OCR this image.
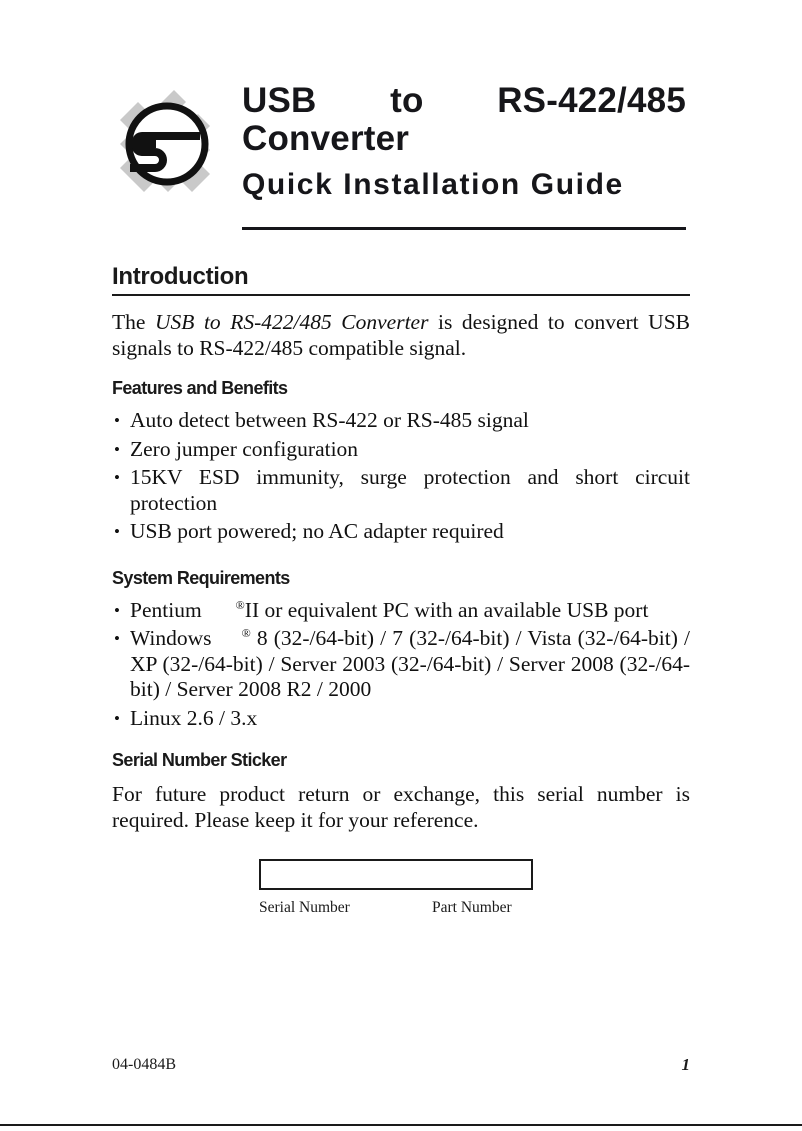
USB to RS-422/485
Converter
Quick Installation Guide
Introduction

The USB to RS-422/485 Converter is designed to convert USB signals to RS-422/485 compatible signal.

Features and Benefits
• Auto detect between RS-422 or RS-485 signal
• Zero jumper configuration
• 15KV ESD immunity, surge protection and short circuit protection
• USB port powered; no AC adapter required
System Requirements
• Pentium	®II or equivalent PC with an available USB port
• Windows	® 8 (32-/64-bit) / 7 (32-/64-bit) / Vista (32-/64-bit) / XP (32-/64-bit) / Server 2003 (32-/64-bit) / Server 2008 (32-/64-bit) / Server 2008 R2 / 2000
• Linux 2.6 / 3.x
Serial Number Sticker

For future product return or exchange, this serial number is required. Please keep it for your reference.

Serial Number	Part Number
04-0484B	1
